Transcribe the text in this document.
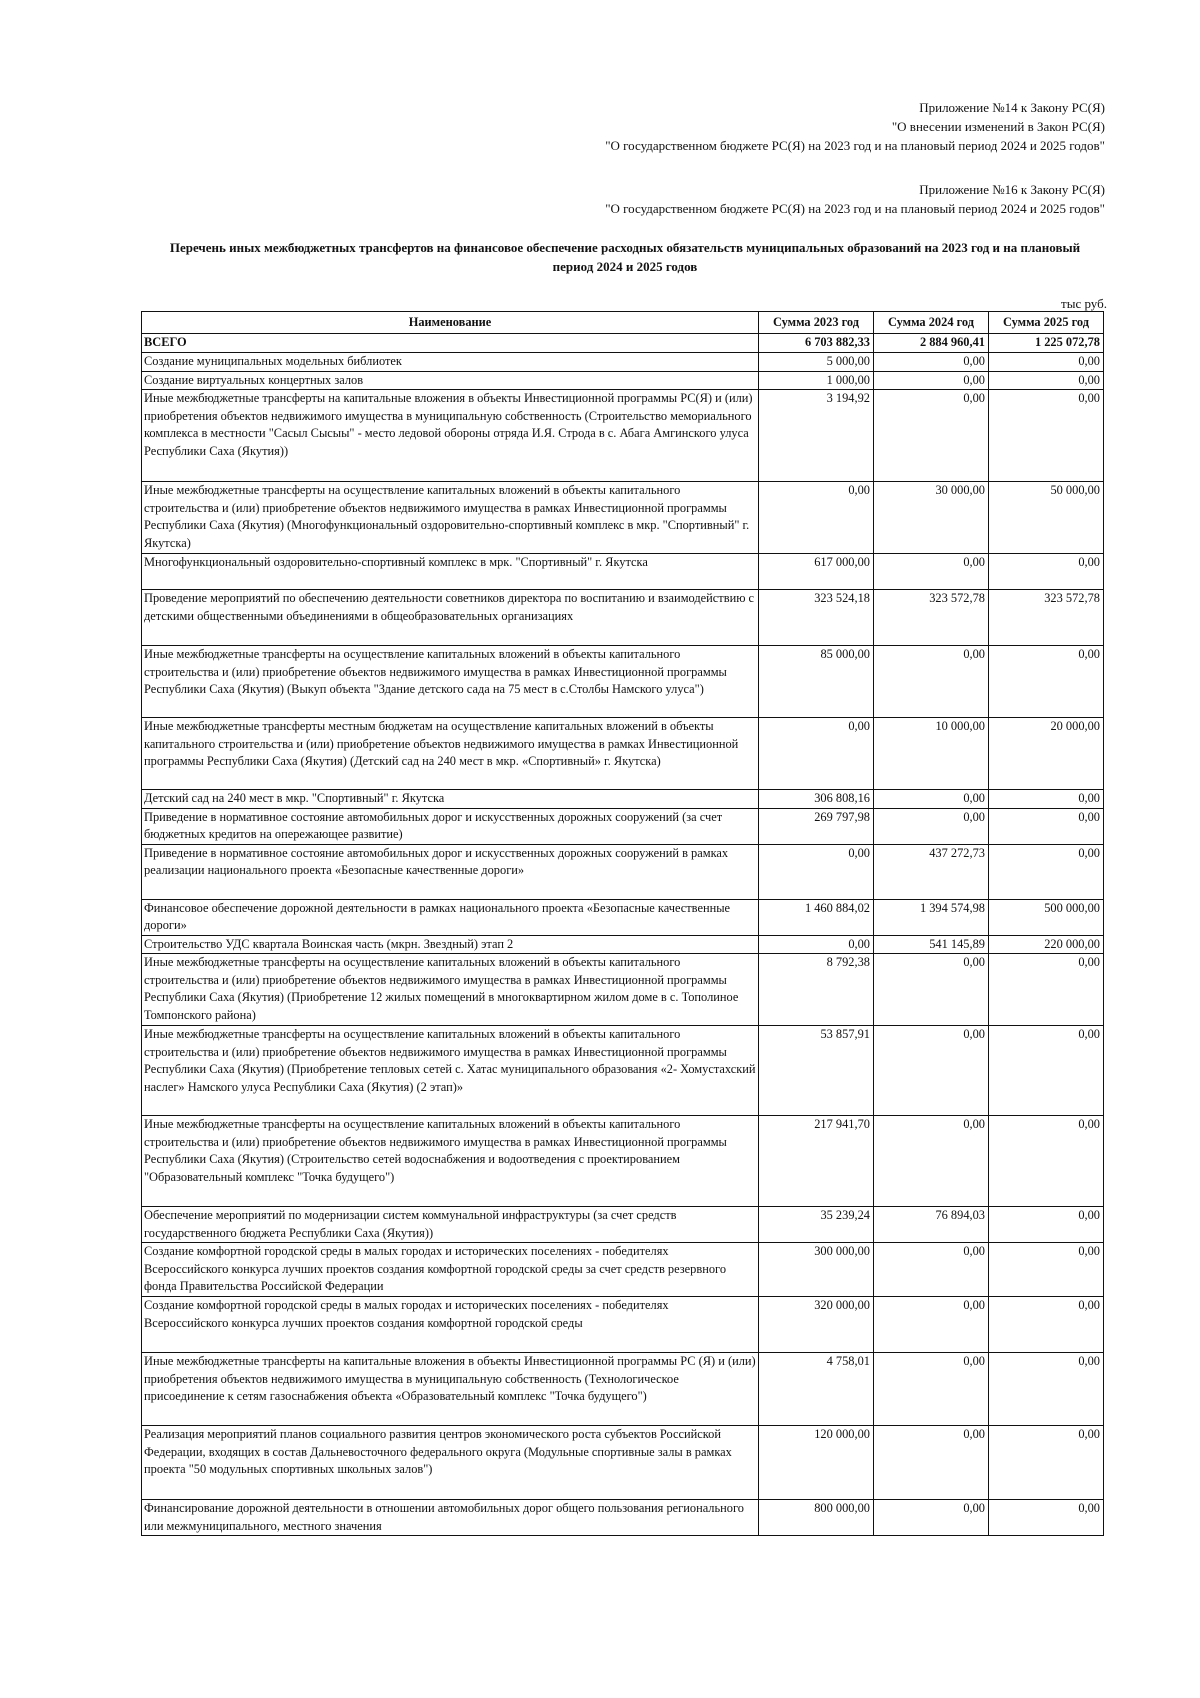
Приложение №14 к Закону РС(Я)
"О внесении изменений в Закон РС(Я)
"О государственном бюджете РС(Я) на 2023 год и на плановый период 2024 и 2025 годов"
Приложение №16 к Закону РС(Я)
"О государственном бюджете РС(Я) на 2023 год и на плановый период 2024 и 2025 годов"
Перечень иных межбюджетных трансфертов на финансовое обеспечение расходных обязательств муниципальных образований на 2023 год и на плановый период 2024 и 2025 годов
тыс руб.
Наименование	Сумма 2023 год	Сумма 2024 год	Сумма 2025 год
ВСЕГО	6 703 882,33	2 884 960,41	1 225 072,78
Создание муниципальных модельных библиотек	5 000,00	0,00	0,00
Создание виртуальных концертных залов	1 000,00	0,00	0,00
Иные межбюджетные трансферты на капитальные вложения в объекты Инвестиционной программы РС(Я) и (или) приобретения объектов недвижимого имущества в муниципальную собственность (Строительство мемориального комплекса в местности "Сасыл Сысыы" - место ледовой обороны отряда И.Я. Строда в с. Абага Амгинского улуса Республики Саха (Якутия))	3 194,92	0,00	0,00
Иные межбюджетные трансферты на осуществление капитальных вложений в объекты капитального строительства и (или) приобретение объектов недвижимого имущества в рамках Инвестиционной программы Республики Саха (Якутия) (Многофункциональный оздоровительно-спортивный комплекс в мкр. "Спортивный" г. Якутска)	0,00	30 000,00	50 000,00
Многофункциональный оздоровительно-спортивный комплекс в мрк. "Спортивный" г. Якутска	617 000,00	0,00	0,00
Проведение мероприятий по обеспечению деятельности советников директора по воспитанию и взаимодействию с детскими общественными объединениями в общеобразовательных организациях	323 524,18	323 572,78	323 572,78
Иные межбюджетные трансферты на осуществление капитальных вложений в объекты капитального строительства и (или) приобретение объектов недвижимого имущества в рамках Инвестиционной программы Республики Саха (Якутия) (Выкуп объекта "Здание детского сада на 75 мест в с.Столбы Намского улуса")	85 000,00	0,00	0,00
Иные межбюджетные трансферты местным бюджетам на осуществление капитальных вложений в объекты капитального строительства и (или) приобретение объектов недвижимого имущества в рамках Инвестиционной программы Республики Саха (Якутия) (Детский сад на 240 мест в мкр. «Спортивный» г. Якутска)	0,00	10 000,00	20 000,00
Детский сад на 240 мест в мкр. "Спортивный" г. Якутска	306 808,16	0,00	0,00
Приведение в нормативное состояние автомобильных дорог и искусственных дорожных сооружений (за счет бюджетных кредитов на опережающее развитие)	269 797,98	0,00	0,00
Приведение в нормативное состояние автомобильных дорог и искусственных дорожных сооружений в рамках реализации национального проекта «Безопасные качественные дороги»	0,00	437 272,73	0,00
Финансовое обеспечение дорожной деятельности в рамках национального проекта «Безопасные качественные дороги»	1 460 884,02	1 394 574,98	500 000,00
Строительство УДС квартала Воинская часть (мкрн. Звездный) этап 2	0,00	541 145,89	220 000,00
Иные межбюджетные трансферты на осуществление капитальных вложений в объекты капитального строительства и (или) приобретение объектов недвижимого имущества в рамках Инвестиционной программы Республики Саха (Якутия) (Приобретение 12 жилых помещений в многоквартирном жилом доме в с. Тополиное Томпонского района)	8 792,38	0,00	0,00
Иные межбюджетные трансферты на осуществление капитальных вложений в объекты капитального строительства и (или) приобретение объектов недвижимого имущества в рамках Инвестиционной программы Республики Саха (Якутия) (Приобретение тепловых сетей с. Хатас муниципального образования «2- Хомустахский наслег» Намского улуса Республики Саха (Якутия) (2 этап)»	53 857,91	0,00	0,00
Иные межбюджетные трансферты на осуществление капитальных вложений в объекты капитального строительства и (или) приобретение объектов недвижимого имущества в рамках Инвестиционной программы Республики Саха (Якутия) (Строительство сетей водоснабжения и водоотведения с проектированием "Образовательный комплекс "Точка будущего")	217 941,70	0,00	0,00
Обеспечение мероприятий по модернизации систем коммунальной инфраструктуры (за счет средств государственного бюджета Республики Саха (Якутия))	35 239,24	76 894,03	0,00
Создание комфортной городской среды в малых городах и исторических поселениях - победителях Всероссийского конкурса лучших проектов создания комфортной городской среды за счет средств резервного фонда Правительства Российской Федерации	300 000,00	0,00	0,00
Создание комфортной городской среды в малых городах и исторических поселениях - победителях Всероссийского конкурса лучших проектов создания комфортной городской среды	320 000,00	0,00	0,00
Иные межбюджетные трансферты на капитальные вложения в объекты Инвестиционной программы РС (Я) и (или) приобретения объектов недвижимого имущества в муниципальную собственность (Технологическое присоединение к сетям газоснабжения объекта «Образовательный комплекс "Точка будущего")	4 758,01	0,00	0,00
Реализация мероприятий планов социального развития центров экономического роста субъектов Российской Федерации, входящих в состав Дальневосточного федерального округа (Модульные спортивные залы в рамках проекта "50 модульных спортивных школьных залов")	120 000,00	0,00	0,00
Финансирование дорожной деятельности в отношении автомобильных дорог общего пользования регионального или межмуниципального, местного значения	800 000,00	0,00	0,00
